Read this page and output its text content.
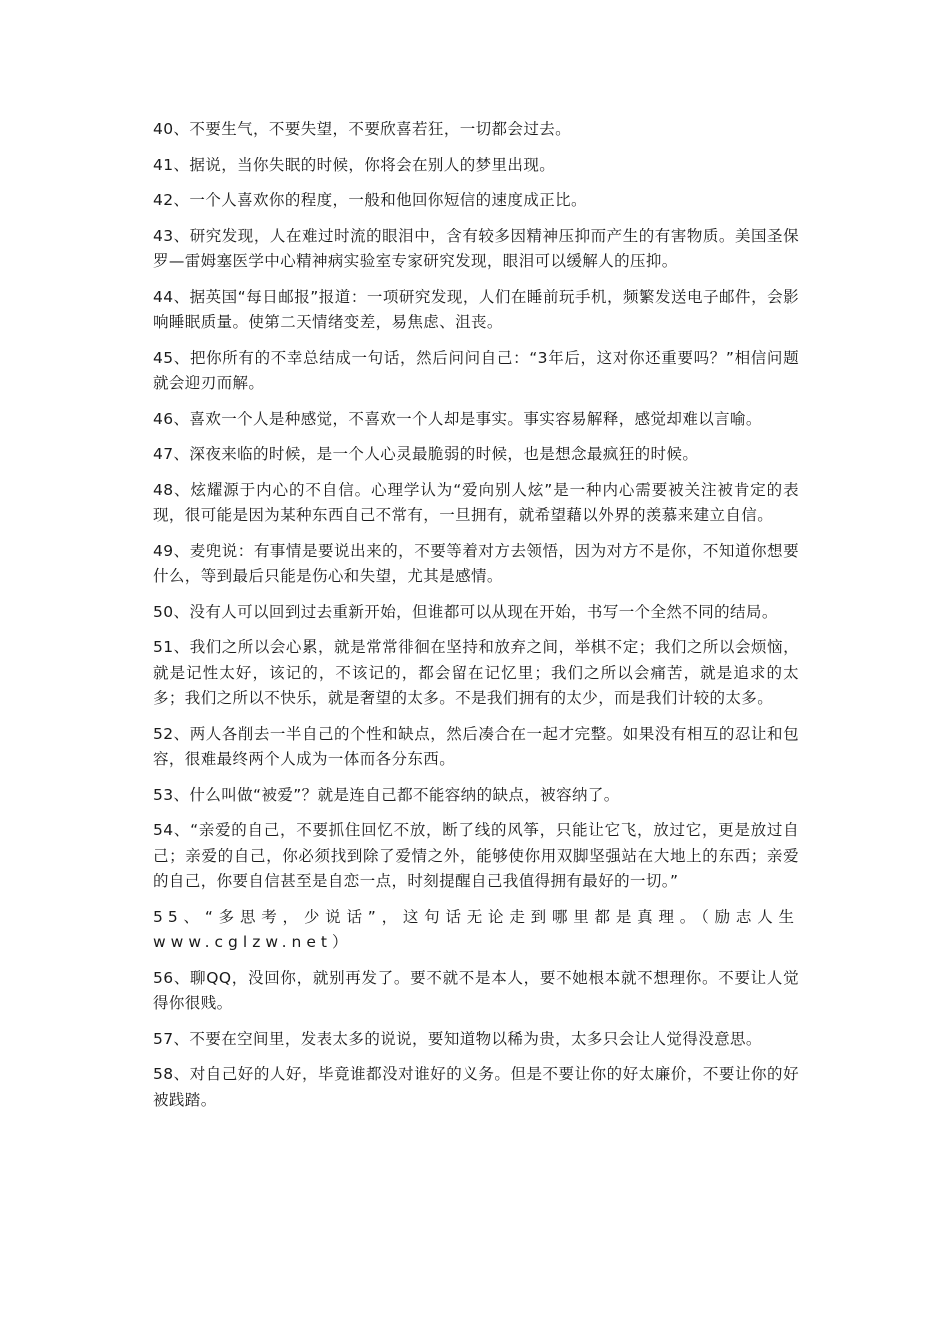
40、不要生气，不要失望，不要欣喜若狂，一切都会过去。

41、据说，当你失眠的时候，你将会在别人的梦里出现。

42、一个人喜欢你的程度，一般和他回你短信的速度成正比。

43、研究发现，人在难过时流的眼泪中，含有较多因精神压抑而产生的有害物质。美国圣保罗—雷姆塞医学中心精神病实验室专家研究发现，眼泪可以缓解人的压抑。

44、据英国“每日邮报”报道：一项研究发现，人们在睡前玩手机，频繁发送电子邮件，会影响睡眠质量。使第二天情绪变差，易焦虑、沮丧。

45、把你所有的不幸总结成一句话，然后问问自己：“3年后，这对你还重要吗？”相信问题就会迎刃而解。

46、喜欢一个人是种感觉，不喜欢一个人却是事实。事实容易解释，感觉却难以言喻。

47、深夜来临的时候，是一个人心灵最脆弱的时候，也是想念最疯狂的时候。

48、炫耀源于内心的不自信。心理学认为“爱向别人炫”是一种内心需要被关注被肯定的表现，很可能是因为某种东西自己不常有，一旦拥有，就希望藉以外界的羡慕来建立自信。

49、麦兜说：有事情是要说出来的，不要等着对方去领悟，因为对方不是你，不知道你想要什么，等到最后只能是伤心和失望，尤其是感情。

50、没有人可以回到过去重新开始，但谁都可以从现在开始，书写一个全然不同的结局。

51、我们之所以会心累，就是常常徘徊在坚持和放弃之间，举棋不定；我们之所以会烦恼，就是记性太好，该记的，不该记的，都会留在记忆里；我们之所以会痛苦，就是追求的太多；我们之所以不快乐，就是奢望的太多。不是我们拥有的太少，而是我们计较的太多。

52、两人各削去一半自己的个性和缺点，然后凑合在一起才完整。如果没有相互的忍让和包容，很难最终两个人成为一体而各分东西。

53、什么叫做“被爱”？就是连自己都不能容纳的缺点，被容纳了。

54、“亲爱的自己，不要抓住回忆不放，断了线的风筝，只能让它飞，放过它，更是放过自己；亲爱的自己，你必须找到除了爱情之外，能够使你用双脚坚强站在大地上的东西；亲爱的自己，你要自信甚至是自恋一点，时刻提醒自己我值得拥有最好的一切。”

55、“多思考，少说话”，这句话无论走到哪里都是真理。（励志人生 www.cglzw.net）

56、聊QQ，没回你，就别再发了。要不就不是本人，要不她根本就不想理你。不要让人觉得你很贱。

57、不要在空间里，发表太多的说说，要知道物以稀为贵，太多只会让人觉得没意思。

58、对自己好的人好，毕竟谁都没对谁好的义务。但是不要让你的好太廉价，不要让你的好被践踏。
